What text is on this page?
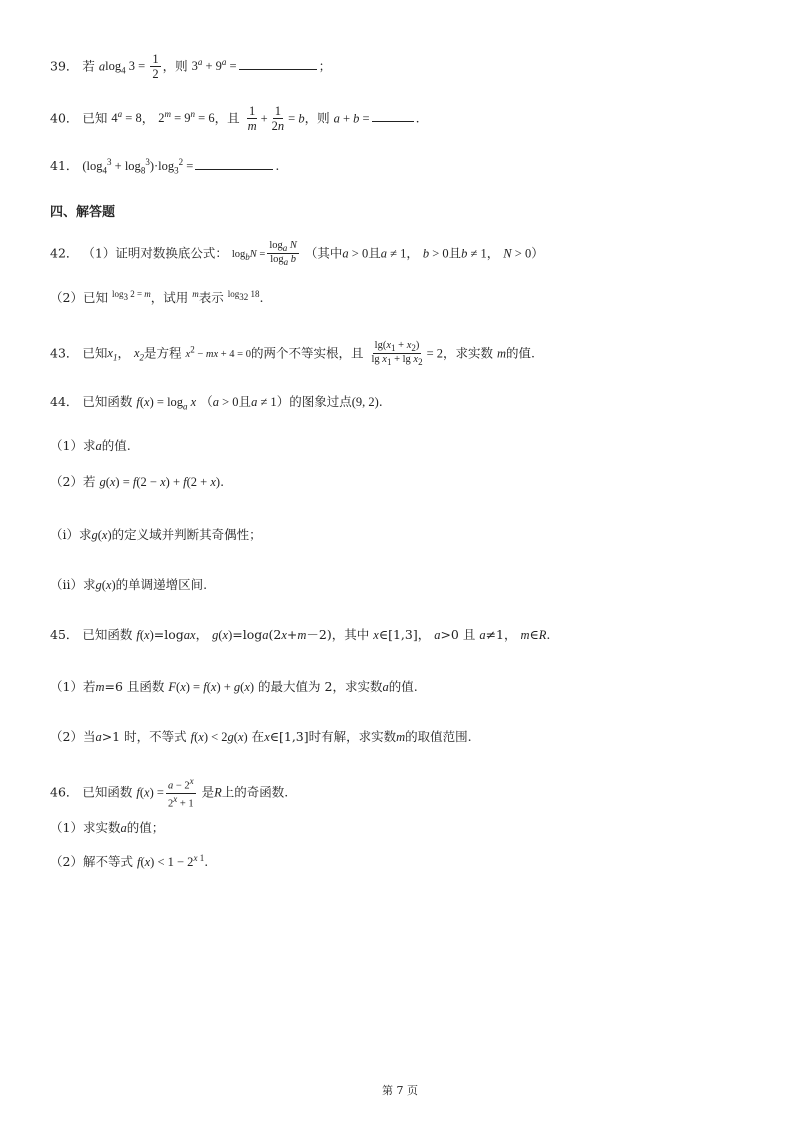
39． 若 alog$_4$ $3 = \frac{1}{2}$ ，则 $3^a + 9^a$ =	；
40． 已知 $4^a = 8$， $2^m = 9^n = 6$，且 $\frac{1}{m} + \frac{1}{2n} = b$，则 a + b =	.
41． $(\log_4^3 + \log_8^3)\cdot\log_3^2$ =	.
四、解答题
42． （1）证明对数换底公式： $\log_bN = \frac{\log_a N}{\log_a b}$ （其中a > 0且a ≠ 1， b > 0且b ≠ 1， N > 0）
（2）已知 $^{log_3 2 = m}$，试用 $^m$表示 $^{log_{32} 18}$.
43． 已知$x_1$， $x_2$是方程 $x^2$ − mx + 4 = 0的两个不等实根，且 $\frac{\lg(x_1 + x_2)}{\lg x_1 + \lg x_2} = 2$，求实数 m的值.
44． 已知函数 $f(x) = \log_a x$ （a > 0且a ≠ 1）的图象过点(9, 2).
（1）求a的值.
（2）若 g(x) = f(2 − x) + f(2 + x).
（i）求g(x)的定义域并判断其奇偶性；
（ii）求g(x)的单调递增区间.
45． 已知函数 f(x)=logax， g(x)=loga(2x+m－2)，其中 x∈[1,3]， a>0 且 a≠1， m∈R.
（1）若m=6 且函数 F(x) = f(x) + g(x) 的最大值为 2，求实数a的值.
（2）当a>1 时，不等式 f(x) < 2g(x) 在x∈[1,3]时有解，求实数m的取值范围.
46． 已知函数 $f(x) = \frac{a - 2^x}{2^x + 1}$ 是R上的奇函数.
（1）求实数a的值；
（2）解不等式 $f(x) < 1 - 2^{x 1}$.
第 7 页
